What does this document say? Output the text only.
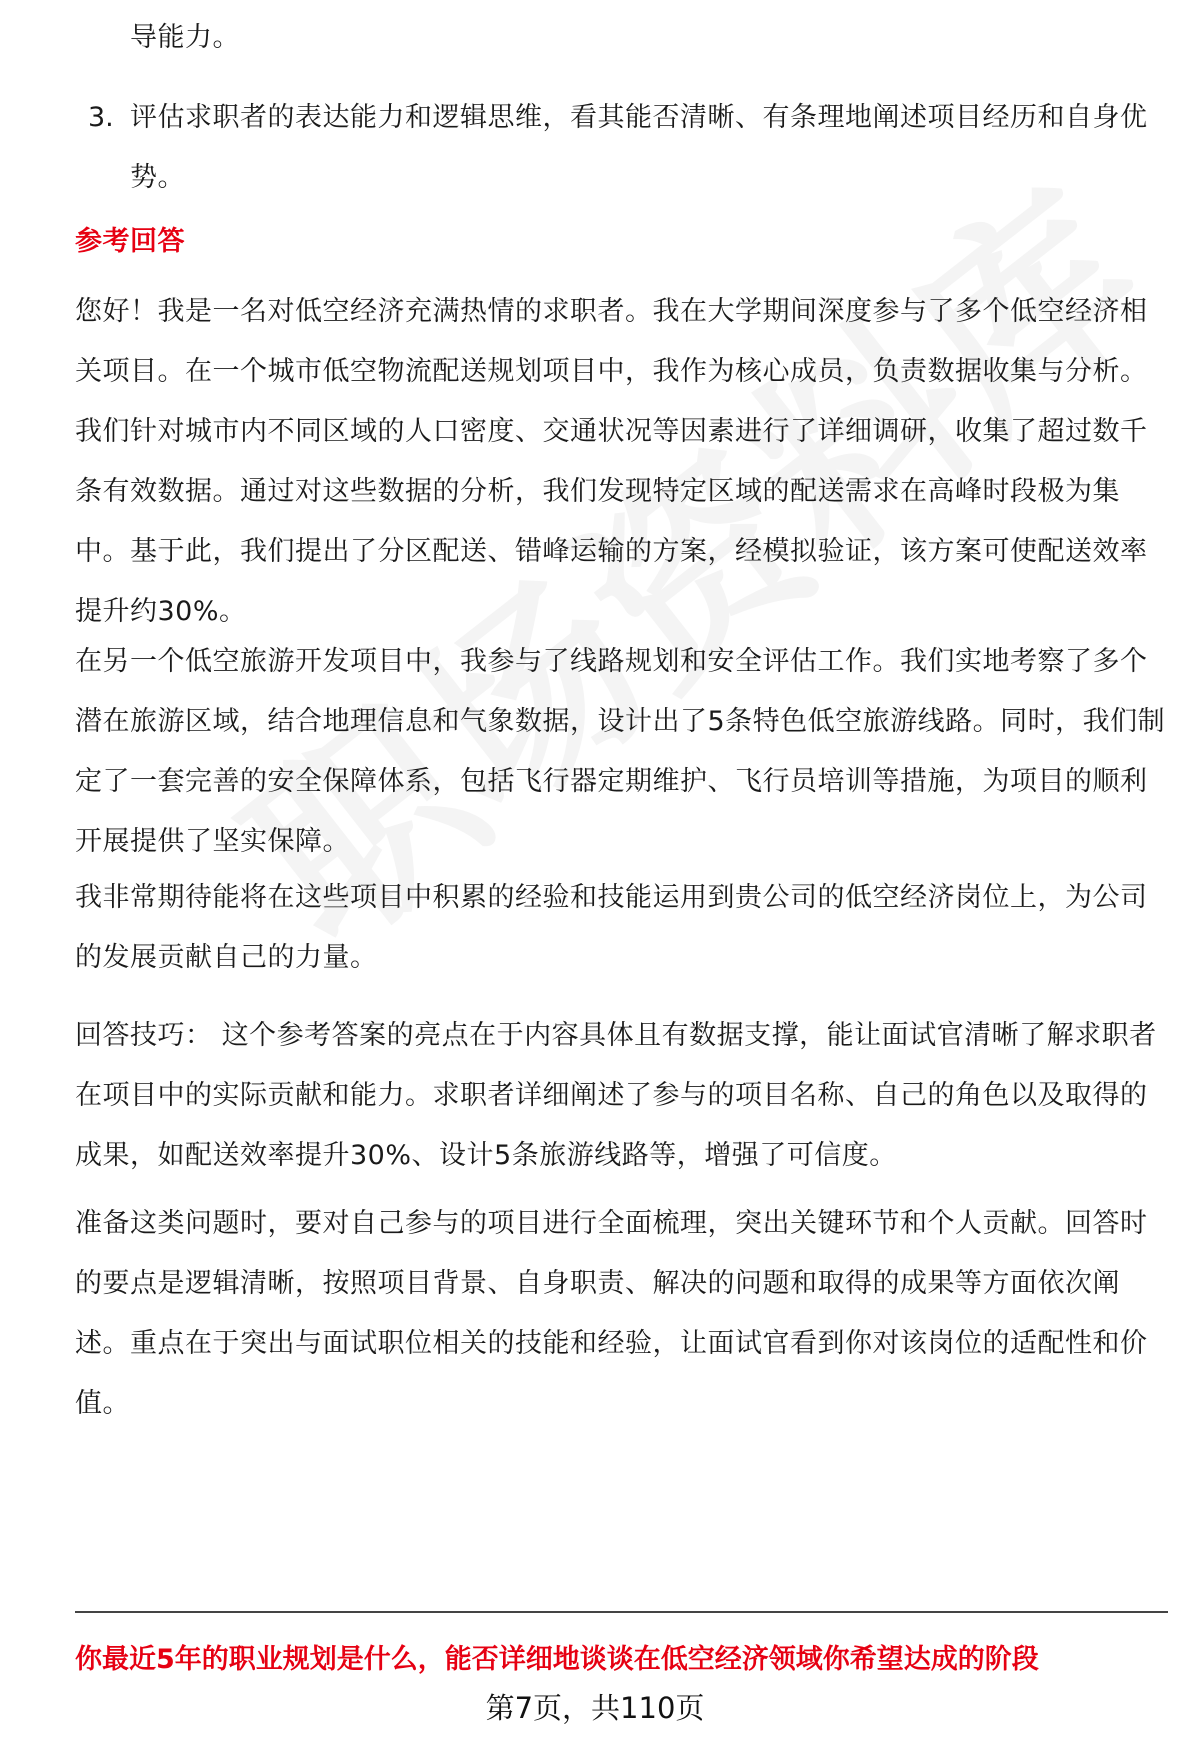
导能力。

3. 评估求职者的表达能力和逻辑思维，看其能否清晰、有条理地阐述项目经历和自身优势。

参考回答

您好！我是一名对低空经济充满热情的求职者。我在大学期间深度参与了多个低空经济相关项目。在一个城市低空物流配送规划项目中，我作为核心成员，负责数据收集与分析。我们针对城市内不同区域的人口密度、交通状况等因素进行了详细调研，收集了超过数千条有效数据。通过对这些数据的分析，我们发现特定区域的配送需求在高峰时段极为集中。基于此，我们提出了分区配送、错峰运输的方案，经模拟验证，该方案可使配送效率提升约30%。

在另一个低空旅游开发项目中，我参与了线路规划和安全评估工作。我们实地考察了多个潜在旅游区域，结合地理信息和气象数据，设计出了5条特色低空旅游线路。同时，我们制定了一套完善的安全保障体系，包括飞行器定期维护、飞行员培训等措施，为项目的顺利开展提供了坚实保障。

我非常期待能将在这些项目中积累的经验和技能运用到贵公司的低空经济岗位上，为公司的发展贡献自己的力量。

回答技巧： 这个参考答案的亮点在于内容具体且有数据支撑，能让面试官清晰了解求职者在项目中的实际贡献和能力。求职者详细阐述了参与的项目名称、自己的角色以及取得的成果，如配送效率提升30%、设计5条旅游线路等，增强了可信度。

准备这类问题时，要对自己参与的项目进行全面梳理，突出关键环节和个人贡献。回答时的要点是逻辑清晰，按照项目背景、自身职责、解决的问题和取得的成果等方面依次阐述。重点在于突出与面试职位相关的技能和经验，让面试官看到你对该岗位的适配性和价值。

你最近5年的职业规划是什么，能否详细地谈谈在低空经济领域你希望达成的阶段
第7页，共110页
